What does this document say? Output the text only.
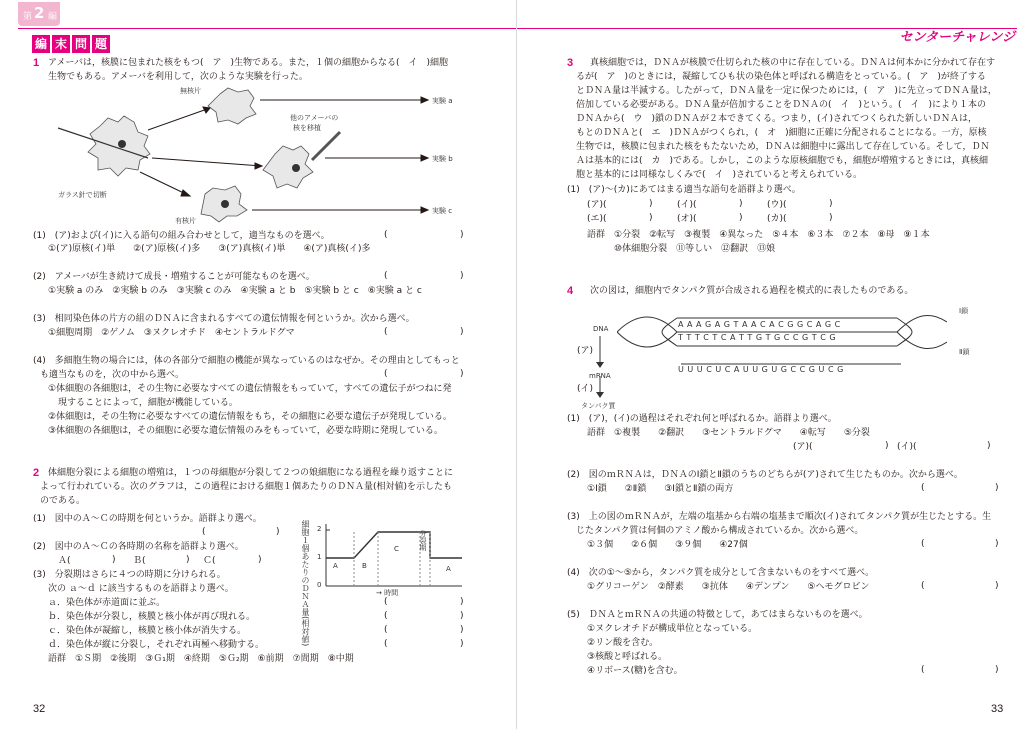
第 2 編
編 末 問 題
1 アメーバは，核膜に包まれた核をもつ(　ア　)生物である。また，１個の細胞からなる(　イ　)細胞
生物でもある。アメーバを利用して，次のような実験を行った。
無核片
他のアメーバの
核を移植
ガラス針で切断
有核片
実験 a
実験 b
実験 c
(1)　(ア)および(イ)に入る語句の組み合わせとして，適当なものを選べ。	(	)
①(ア)原核(イ)単　　②(ア)原核(イ)多　　③(ア)真核(イ)単　　④(ア)真核(イ)多
(2)　アメーバが生き続けて成長・増殖することが可能なものを選べ。	(	)
①実験 a のみ　②実験 b のみ　③実験 c のみ　④実験 a と b　⑤実験 b と c　⑥実験 a と c
(3)　相同染色体の片方の組のＤＮＡに含まれるすべての遺伝情報を何というか。次から選べ。
①細胞周期　②ゲノム　③ヌクレオチド　④セントラルドグマ	(	)
(4)　多細胞生物の場合には，体の各部分で細胞の機能が異なっているのはなぜか。その理由としてもっと
も適当なものを，次の中から選べ。	(	)
①体細胞の各細胞は，その生物に必要なすべての遺伝情報をもっていて，すべての遺伝子がつねに発
現することによって，細胞が機能している。
②体細胞は，その生物に必要なすべての遺伝情報をもち，その細胞に必要な遺伝子が発現している。
③体細胞の各細胞は，その細胞に必要な遺伝情報のみをもっていて，必要な時期に発現している。
2 体細胞分裂による細胞の増殖は，１つの母細胞が分裂して２つの娘細胞になる過程を繰り返すことに
よって行われている。次のグラフは，この過程における細胞１個あたりのＤＮＡ量(相対値)を示したも
のである。
(1)　図中のＡ～Ｃの時期を何というか。語群より選べ。
(	)
(2)　図中のＡ～Ｃの各時期の名称を語群より選べ。
Ａ(	) Ｂ(	) Ｃ(	)
(3)　分裂期はさらに４つの時期に分けられる。
次の ａ～ｄ に該当するものを語群より選べ。
ａ．染色体が赤道面に並ぶ。	(	)
ｂ．染色体が分裂し，核膜と核小体が再び現れる。	(	)
ｃ．染色体が凝縮し，核膜と核小体が消失する。	(	)
ｄ．染色体が縦に分裂し，それぞれ両極へ移動する。	(	)
語群　①Ｓ期　②後期　③Ｇ₁期　④終期　⑤Ｇ₂期　⑥前期　⑦間期　⑧中期
2
1
0
A	B
C
A
分裂期
細胞１個あたりのＤＮＡ量(相対値)	→ 時間
32
センターチャレンジ
3 真核細胞では，ＤＮＡが核膜で仕切られた核の中に存在している。ＤＮＡは何本かに分かれて存在す
るが(　ア　)のときには，凝縮してひも状の染色体と呼ばれる構造をとっている。(　ア　)が終了する
とＤＮＡ量は半減する。したがって，ＤＮＡ量を一定に保つためには，(　ア　)に先立ってＤＮＡ量は，
倍加している必要がある。ＤＮＡ量が倍加することをＤＮＡの(　イ　)という。(　イ　)により１本の
ＤＮＡから(　ウ　)鎖のＤＮＡが２本できてくる。つまり，(イ)されてつくられた新しいＤＮＡは，
もとのＤＮＡと(　エ　)ＤＮＡがつくられ，(　オ　)細胞に正確に分配されることになる。一方，原核
生物では，核膜に包まれた核をもたないため，ＤＮＡは細胞中に露出して存在している。そして，ＤＮ
Ａは基本的には(　カ　)である。しかし，このような原核細胞でも，細胞が増殖するときには，真核細
胞と基本的には同様なしくみで(　イ　)されていると考えられている。
(1)　(ア)～(カ)にあてはまる適当な語句を語群より選べ。
(ア)(	)	(イ)(	)	(ウ)(	)
(エ)(	)	(オ)(	)	(カ)(	)
語群　①分裂　②転写　③複製　④異なった　⑤４本　⑥３本　⑦２本　⑧母　⑨１本
⑩体細胞分裂　⑪等しい　⑫翻訳　⑬娘
4 次の図は，細胞内でタンパク質が合成される過程を模式的に表したものである。
DNA
Ⅰ鎖
Ⅱ鎖
A A A G A G T A A C A C G G C A G C
T T T C T C A T T G T G C C G T C G
U U U C U C A U U G U G C C G U C G
(ア)
mRNA
(イ)
タンパク質
(1)　(ア)，(イ)の過程はそれぞれ何と呼ばれるか。語群より選べ。
語群　①複製　　②翻訳　　③セントラルドグマ　　④転写　　⑤分裂
(ア)(	) (イ)(	)
(2)　図のｍＲＮＡは，ＤＮＡのⅠ鎖とⅡ鎖のうちのどちらが(ア)されて生じたものか。次から選べ。
①Ⅰ鎖　　②Ⅱ鎖　　③Ⅰ鎖とⅡ鎖の両方	(	)
(3)　上の図のｍＲＮＡが，左端の塩基から右端の塩基まで順次(イ)されてタンパク質が生じたとする。生
じたタンパク質は何個のアミノ酸から構成されているか。次から選べ。
①３個　　②６個　　③９個　　④27個	(	)
(4)　次の①～⑤から，タンパク質を成分として含まないものをすべて選べ。
①グリコーゲン　②酵素　　③抗体　　④デンプン　　⑤ヘモグロビン	(	)
(5)　ＤＮＡとｍＲＮＡの共通の特徴として，あてはまらないものを選べ。
①ヌクレオチドが構成単位となっている。
②リン酸を含む。
③核酸と呼ばれる。
④リボース(糖)を含む。	(	)
33
